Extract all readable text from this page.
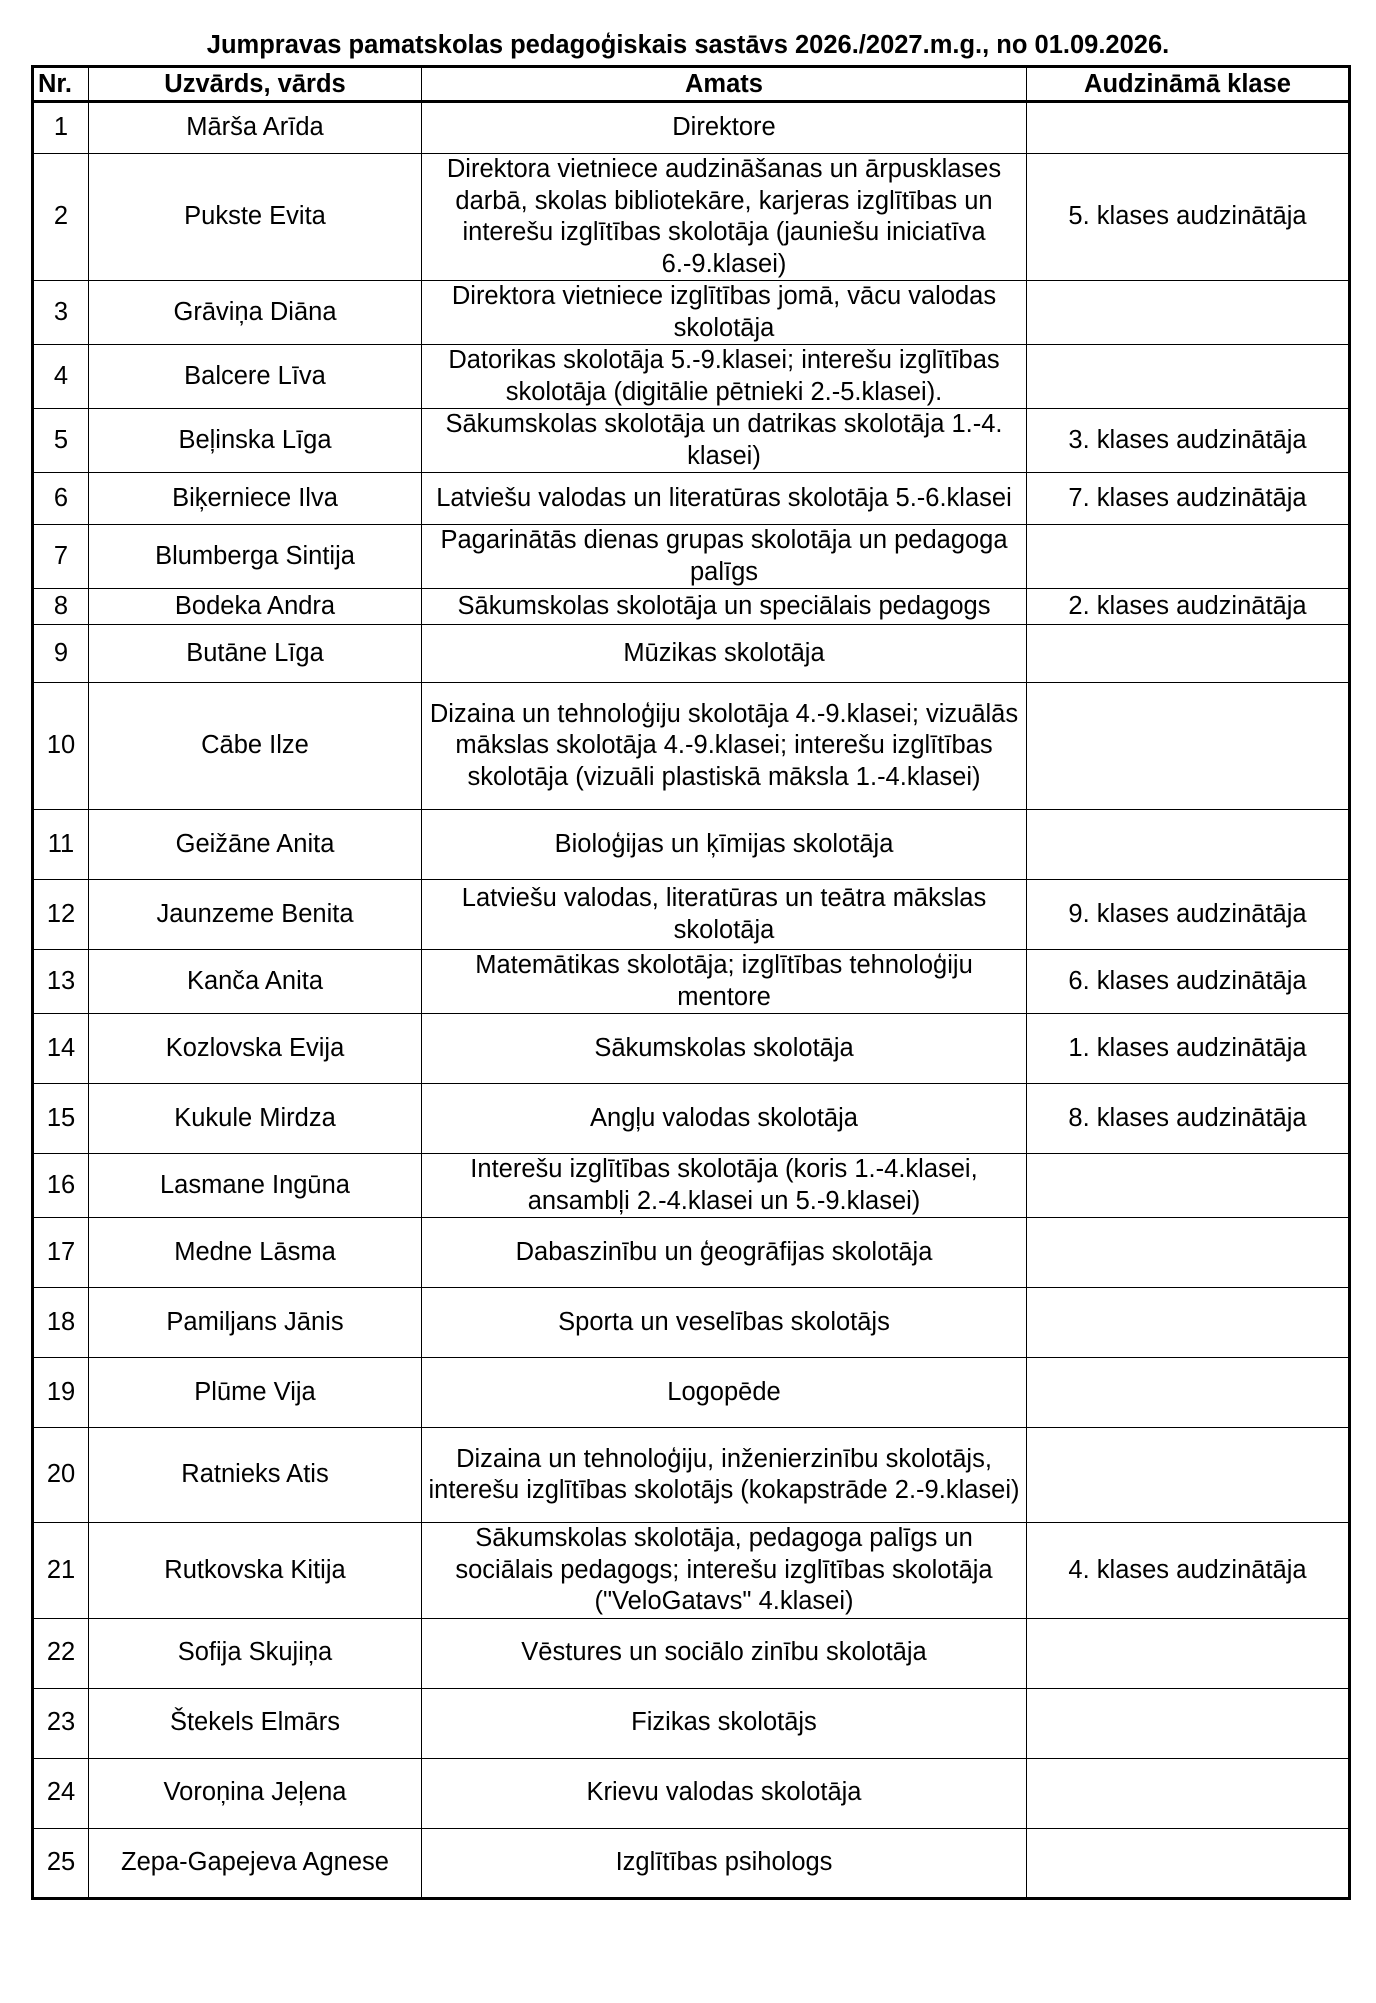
Jumpravas pamatskolas pedagoģiskais sastāvs 2026./2027.m.g., no 01.09.2026.
Nr.	Uzvārds, vārds	Amats	Audzināmā klase
1	Mārša Arīda	Direktore	
2	Pukste Evita	Direktora vietniece audzināšanas un ārpusklases darbā, skolas bibliotekāre, karjeras izglītības un interešu izglītības skolotāja (jauniešu iniciatīva 6.-9.klasei)	5. klases audzinātāja
3	Grāviņa Diāna	Direktora vietniece izglītības jomā, vācu valodas skolotāja	
4	Balcere Līva	Datorikas skolotāja 5.-9.klasei; interešu izglītības skolotāja (digitālie pētnieki 2.-5.klasei).	
5	Beļinska Līga	Sākumskolas skolotāja un datrikas skolotāja 1.-4. klasei)	3. klases audzinātāja
6	Biķerniece Ilva	Latviešu valodas un literatūras skolotāja 5.-6.klasei	7. klases audzinātāja
7	Blumberga Sintija	Pagarinātās dienas grupas skolotāja un pedagoga palīgs	
8	Bodeka Andra	Sākumskolas skolotāja un speciālais pedagogs	2. klases audzinātāja
9	Butāne Līga	Mūzikas skolotāja	
10	Cābe Ilze	Dizaina un tehnoloģiju skolotāja 4.-9.klasei; vizuālās mākslas skolotāja 4.-9.klasei; interešu izglītības skolotāja (vizuāli plastiskā māksla 1.-4.klasei)	
11	Geižāne Anita	Bioloģijas un ķīmijas skolotāja	
12	Jaunzeme Benita	Latviešu valodas, literatūras un teātra mākslas skolotāja	9. klases audzinātāja
13	Kanča Anita	Matemātikas skolotāja; izglītības tehnoloģiju mentore	6. klases audzinātāja
14	Kozlovska Evija	Sākumskolas skolotāja	1. klases audzinātāja
15	Kukule Mirdza	Angļu valodas skolotāja	8. klases audzinātāja
16	Lasmane Ingūna	Interešu izglītības skolotāja (koris 1.-4.klasei, ansambļi 2.-4.klasei un 5.-9.klasei)	
17	Medne Lāsma	Dabaszinību un ģeogrāfijas skolotāja	
18	Pamiljans Jānis	Sporta un veselības skolotājs	
19	Plūme Vija	Logopēde	
20	Ratnieks Atis	Dizaina un tehnoloģiju, inženierzinību skolotājs, interešu izglītības skolotājs (kokapstrāde 2.-9.klasei)	
21	Rutkovska Kitija	Sākumskolas skolotāja, pedagoga palīgs un sociālais pedagogs; interešu izglītības skolotāja ("VeloGatavs" 4.klasei)	4. klases audzinātāja
22	Sofija Skujiņa	Vēstures un sociālo zinību skolotāja	
23	Štekels Elmārs	Fizikas skolotājs	
24	Voroņina Jeļena	Krievu valodas skolotāja	
25	Zepa-Gapejeva Agnese	Izglītības psihologs	
